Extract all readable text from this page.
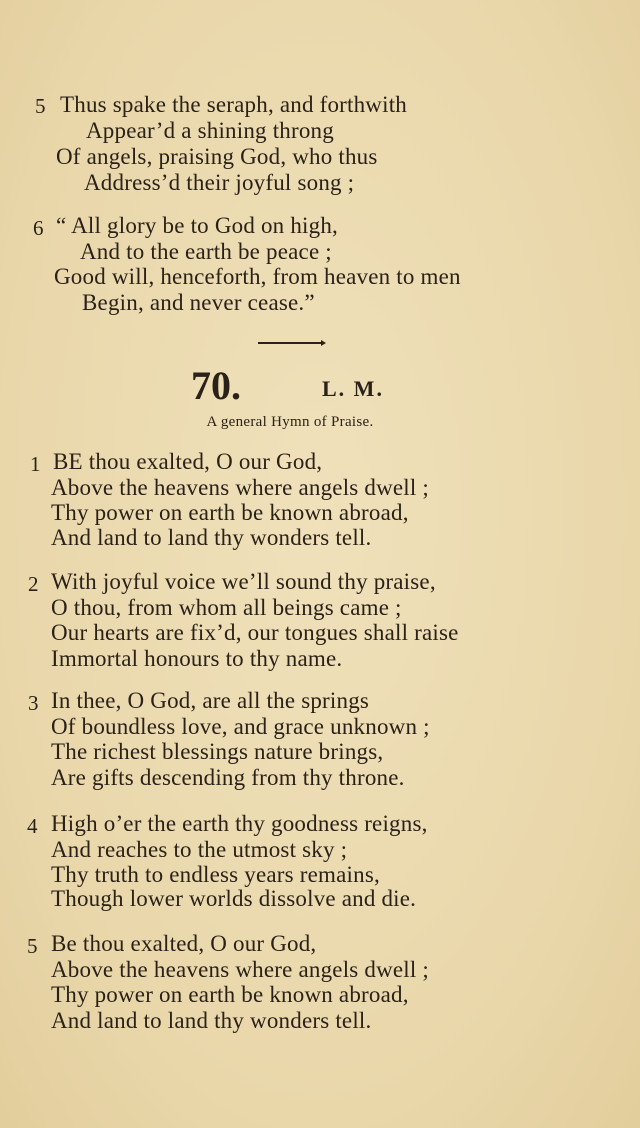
5 Thus spake the seraph, and forthwith
Appear’d a shining throng
Of angels, praising God, who thus
Address’d their joyful song ;
6 “ All glory be to God on high,
And to the earth be peace ;
Good will, henceforth, from heaven to men
Begin, and never cease.”
70.	L. M.
A general Hymn of Praise.
1 BE thou exalted, O our God,
Above the heavens where angels dwell ;
Thy power on earth be known abroad,
And land to land thy wonders tell.
2 With joyful voice we’ll sound thy praise,
O thou, from whom all beings came ;
Our hearts are fix’d, our tongues shall raise
Immortal honours to thy name.
3 In thee, O God, are all the springs
Of boundless love, and grace unknown ;
The richest blessings nature brings,
Are gifts descending from thy throne.
4 High o’er the earth thy goodness reigns,
And reaches to the utmost sky ;
Thy truth to endless years remains,
Though lower worlds dissolve and die.
5 Be thou exalted, O our God,
Above the heavens where angels dwell ;
Thy power on earth be known abroad,
And land to land thy wonders tell.
